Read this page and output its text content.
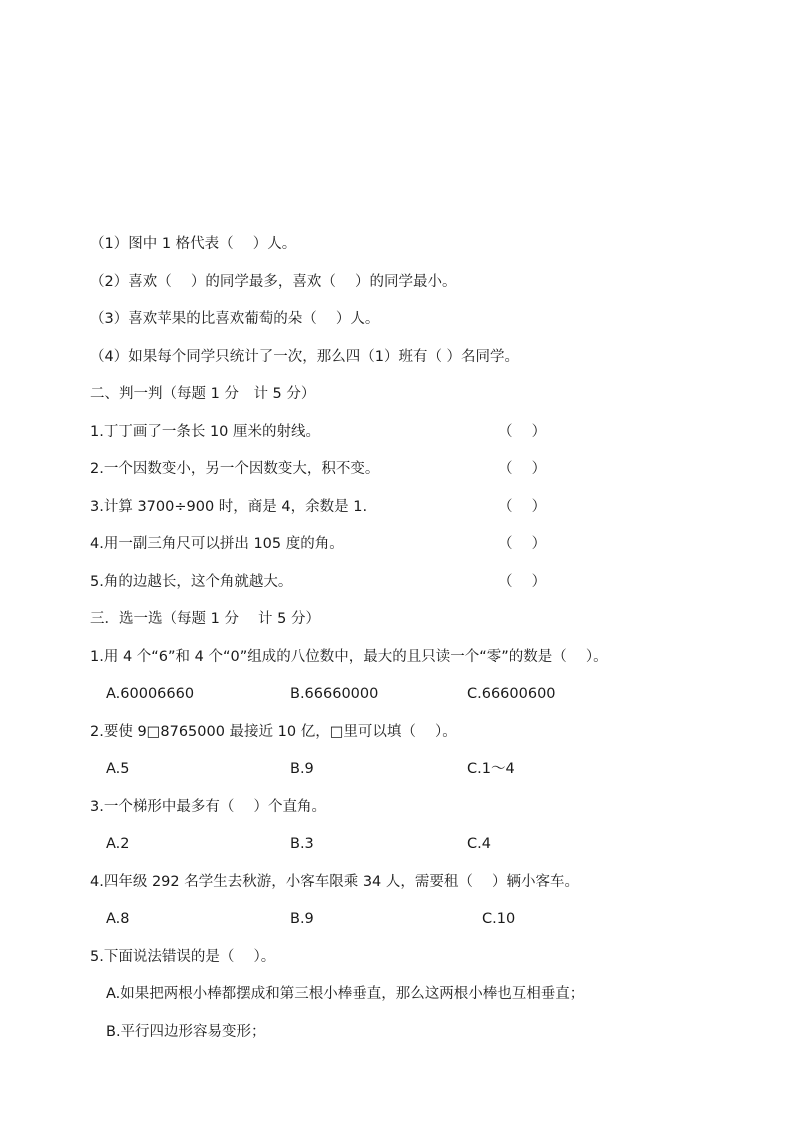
（1）图中 1 格代表（　 ）人。
（2）喜欢（　 ）的同学最多，喜欢（　 ）的同学最小。
（3）喜欢苹果的比喜欢葡萄的朵（　 ）人。
（4）如果每个同学只统计了一次，那么四（1）班有（ ）名同学。
二、判一判（每题 1 分　计 5 分）
1.丁丁画了一条长 10 厘米的射线。	（　 ）
2.一个因数变小，另一个因数变大，积不变。	（　 ）
3.计算 3700÷900 时，商是 4，余数是 1.	（　 ）
4.用一副三角尺可以拼出 105 度的角。	（　 ）
5.角的边越长，这个角就越大。	（　 ）
三．选一选（每题 1 分　 计 5 分）
1.用 4 个“6”和 4 个“0”组成的八位数中，最大的且只读一个“零”的数是（　 ）。
A.60006660	B.66660000	C.66600600
2.要使 9□8765000 最接近 10 亿，□里可以填（　 ）。
A.5	B.9	C.1～4
3.一个梯形中最多有（　 ）个直角。
A.2	B.3	C.4
4.四年级 292 名学生去秋游，小客车限乘 34 人，需要租（　 ）辆小客车。
A.8	B.9	C.10
5.下面说法错误的是（　 ）。
A.如果把两根小棒都摆成和第三根小棒垂直，那么这两根小棒也互相垂直；
B.平行四边形容易变形；
